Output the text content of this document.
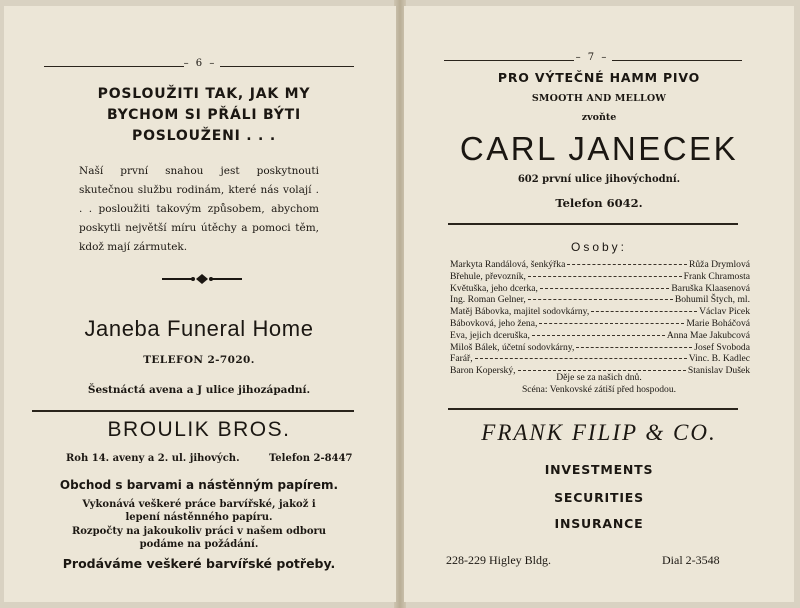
– 6 –
POSLOUŽITI TAK, JAK MY BYCHOM SI PŘÁLI BÝTI POSLOUŽENI . . .
Naší první snahou jest poskytnouti skutečnou službu rodinám, které nás volají . . . posloužiti takovým způsobem, abychom poskytli největší míru útěchy a pomoci těm, kdož mají zármutek.
Janeba Funeral Home
TELEFON 2-7020.
Šestnáctá avena a J ulice jihozápadní.
BROULIK BROS.
Roh 14. aveny a 2. ul. jihových.	Telefon 2-8447
Obchod s barvami a nástěnným papírem.
Vykonává veškeré práce barvířské, jakož i lepení nástěnného papíru.
Rozpočty na jakoukoliv práci v našem odboru podáme na požádání.
Prodáváme veškeré barvířské potřeby.
– 7 –
PRO VÝTEČNÉ HAMM PIVO
SMOOTH AND MELLOW
zvoňte
CARL JANECEK
602 první ulice jihovýchodní.
Telefon 6042.
Osoby:
Markyta Randálová, šenkýřka	Růža Drymlová
Břehule, převozník,	Frank Chramosta
Květuška, jeho dcerka,	Baruška Klaasenová
Ing. Roman Gelner,	Bohumil Štych, ml.
Matěj Bábovka, majitel sodovkárny,	Václav Picek
Bábovková, jeho žena,	Marie Boháčová
Eva, jejich dceruška,	Anna Mae Jakubcová
Miloš Bálek, účetní sodovkárny,	Josef Svoboda
Farář,	Vinc. B. Kadlec
Baron Koperský,	Stanislav Dušek
Děje se za našich dnů.
Scéna: Venkovské zátiší před hospodou.
FRANK FILIP & CO.
INVESTMENTS
SECURITIES
INSURANCE
228-229 Higley Bldg.	Dial 2-3548
